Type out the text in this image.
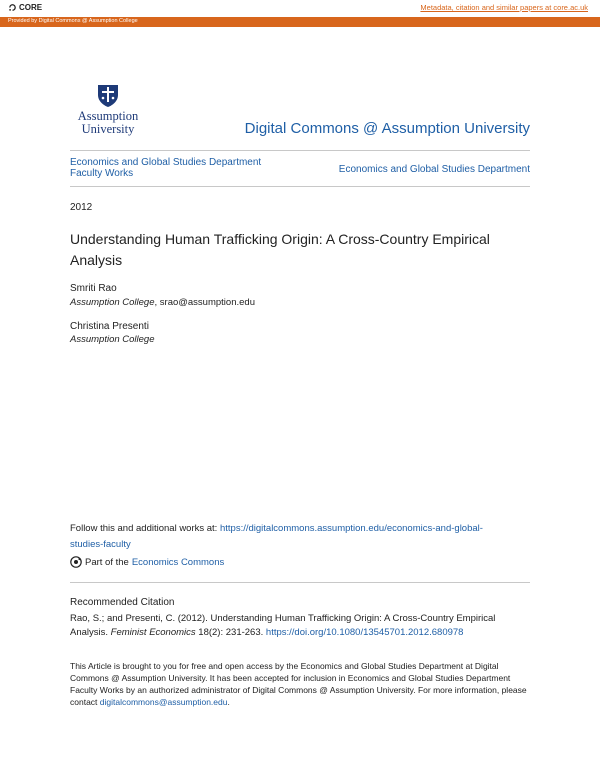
CORE	Metadata, citation and similar papers at core.ac.uk
Provided by Digital Commons @ Assumption College
Assumption
University	Digital Commons @ Assumption University
Economics and Global Studies Department Faculty Works	Economics and Global Studies Department
2012
Understanding Human Trafficking Origin: A Cross-Country Empirical Analysis
Smriti Rao
Assumption College, srao@assumption.edu
Christina Presenti
Assumption College
Follow this and additional works at: https://digitalcommons.assumption.edu/economics-and-global-studies-faculty
Part of the Economics Commons
Recommended Citation
Rao, S.; and Presenti, C. (2012). Understanding Human Trafficking Origin: A Cross-Country Empirical Analysis. Feminist Economics 18(2): 231-263. https://doi.org/10.1080/13545701.2012.680978
This Article is brought to you for free and open access by the Economics and Global Studies Department at Digital Commons @ Assumption University. It has been accepted for inclusion in Economics and Global Studies Department Faculty Works by an authorized administrator of Digital Commons @ Assumption University. For more information, please contact digitalcommons@assumption.edu.
